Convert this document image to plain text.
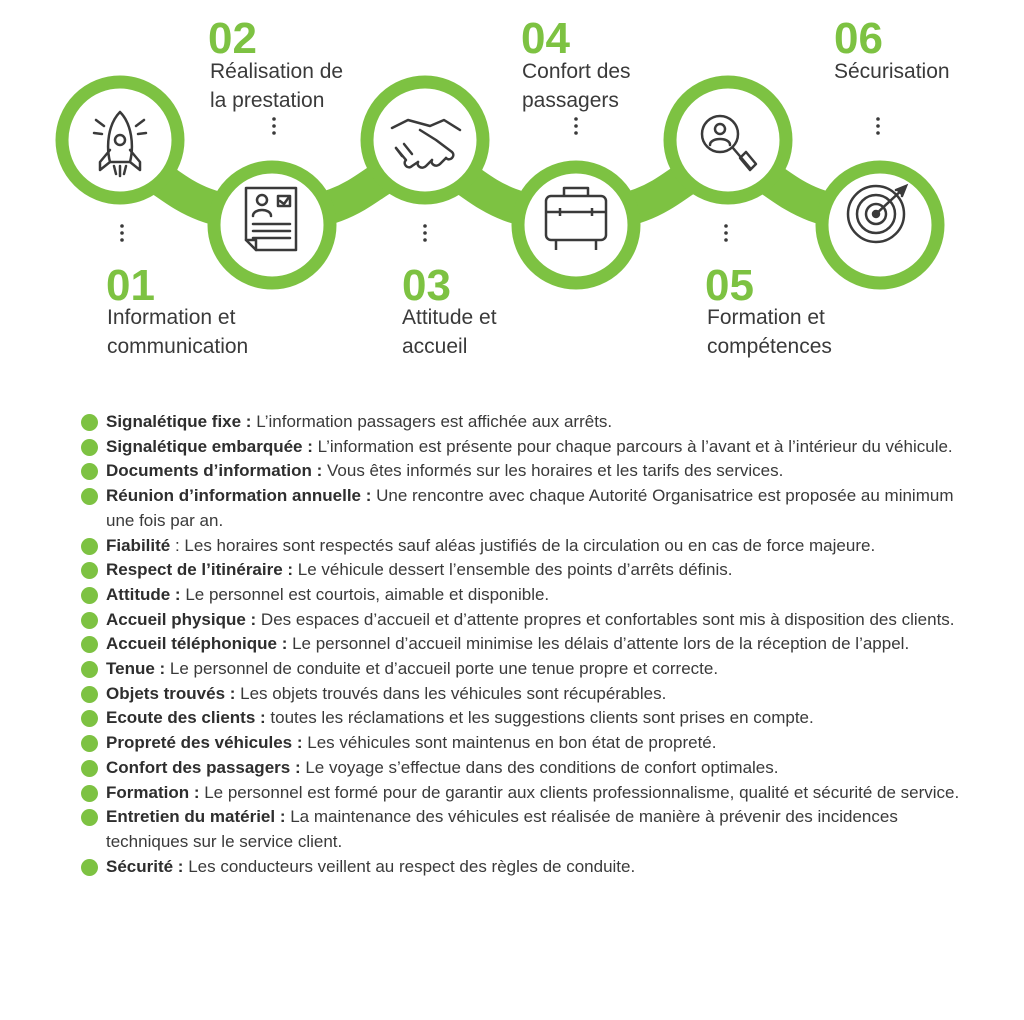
01
Information et
communication
02
Réalisation de
la prestation
03
Attitude et
accueil
04
Confort des
passagers
05
Formation et
compétences
06
Sécurisation
Signalétique fixe : L’information passagers est affichée aux arrêts.
Signalétique embarquée : L’information est présente pour chaque parcours à l’avant et à l’intérieur du véhicule.
Documents d’information : Vous êtes informés sur les horaires et les tarifs des services.
Réunion d’information annuelle : Une rencontre avec chaque Autorité Organisatrice est proposée au minimum une fois par an.
Fiabilité : Les horaires sont respectés sauf aléas justifiés de la circulation ou en cas de force majeure.
Respect de l’itinéraire : Le véhicule dessert l’ensemble des points d’arrêts définis.
Attitude : Le personnel est courtois, aimable et disponible.
Accueil physique : Des espaces d’accueil et d’attente propres et confortables sont mis à disposition des clients.
Accueil téléphonique : Le personnel d’accueil minimise les délais d’attente lors de la réception de l’appel.
Tenue : Le personnel de conduite et d’accueil porte une tenue propre et correcte.
Objets trouvés : Les objets trouvés dans les véhicules sont récupérables.
Ecoute des clients : toutes les réclamations et les suggestions clients sont prises en compte.
Propreté des véhicules : Les véhicules sont maintenus en bon état de propreté.
Confort des passagers : Le voyage s’effectue dans des conditions de confort optimales.
Formation : Le personnel est formé pour de garantir aux clients professionnalisme, qualité et sécurité de service.
Entretien du matériel : La maintenance des véhicules est réalisée de manière à prévenir des incidences techniques sur le service client.
Sécurité : Les conducteurs veillent au respect des règles de conduite.
